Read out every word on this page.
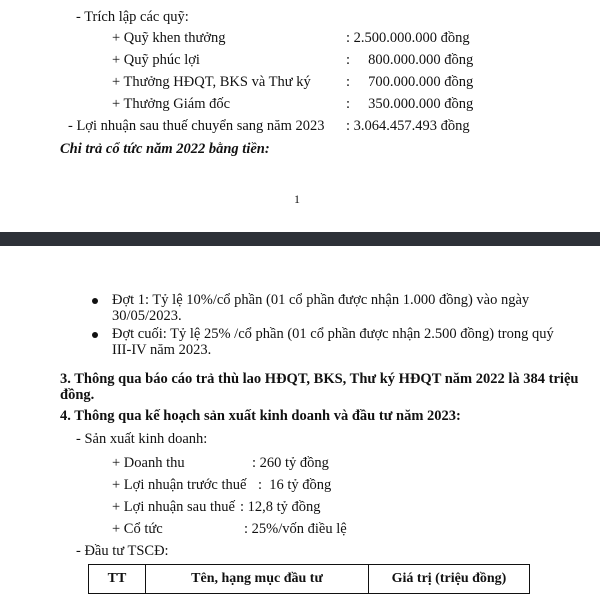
- Trích lập các quỹ:
+ Quỹ khen thưởng	: 2.500.000.000 đồng
+ Quỹ phúc lợi	:     800.000.000 đồng
+ Thưởng HĐQT, BKS và Thư ký :     700.000.000 đồng
+ Thưởng Giám đốc	:     350.000.000 đồng
- Lợi nhuận sau thuế chuyển sang năm 2023 : 3.064.457.493 đồng
Chi trả cổ tức năm 2022 bằng tiền:
1
Đợt 1: Tỷ lệ 10%/cổ phần (01 cổ phần được nhận 1.000 đồng) vào ngày
30/05/2023.
Đợt cuối: Tỷ lệ 25% /cổ phần (01 cổ phần được nhận 2.500 đồng) trong quý
III-IV năm 2023.
3. Thông qua báo cáo trả thù lao HĐQT, BKS, Thư ký HĐQT năm 2022 là 384 triệu
đồng.
4. Thông qua kế hoạch sản xuất kinh doanh và đầu tư năm 2023:
- Sản xuất kinh doanh:
+ Doanh thu	: 260 tỷ đồng
+ Lợi nhuận trước thuế :  16 tỷ đồng
+ Lợi nhuận sau thuế : 12,8 tỷ đồng
+ Cổ tức	: 25%/vốn điều lệ
- Đầu tư TSCĐ:
TT	Tên, hạng mục đầu tư	Giá trị (triệu đồng)
